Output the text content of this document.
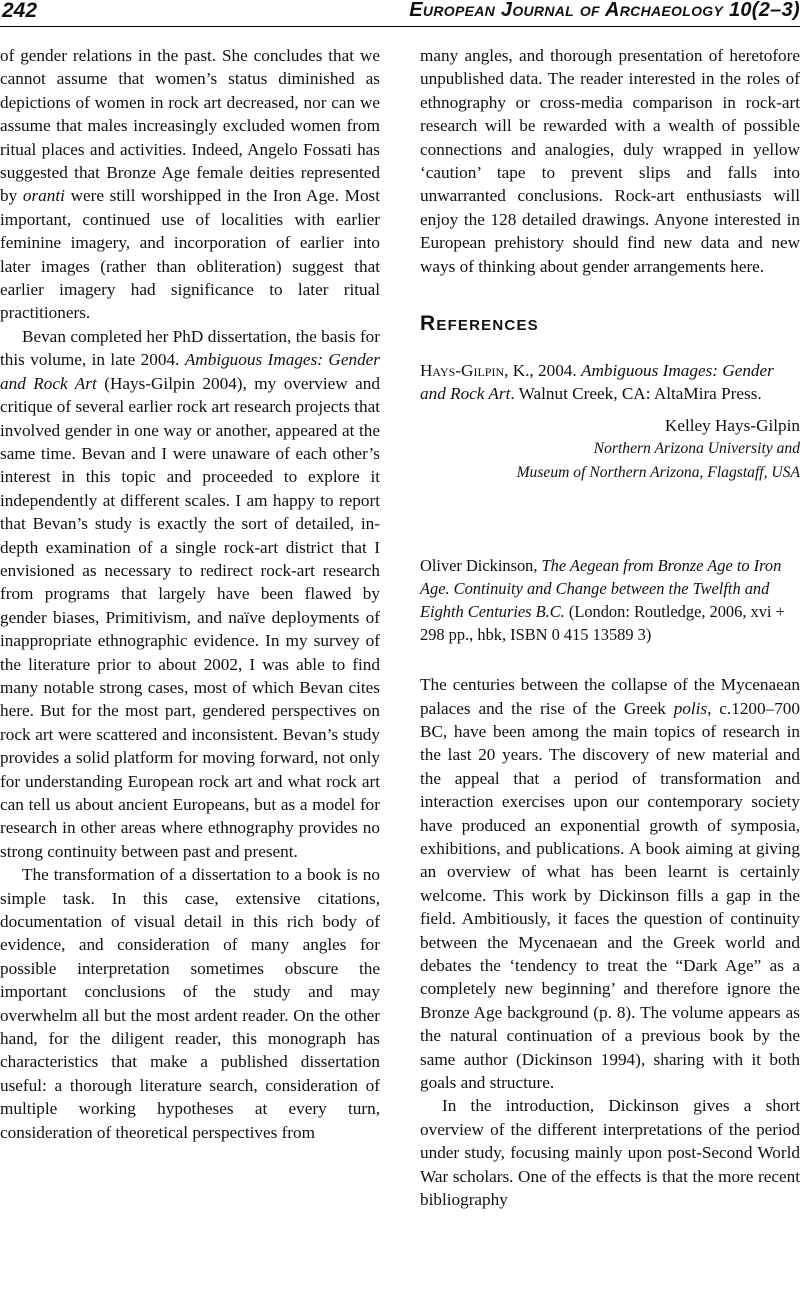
242	European Journal of Archaeology 10(2–3)

of gender relations in the past. She concludes that we cannot assume that women’s status diminished as depictions of women in rock art decreased, nor can we assume that males increasingly excluded women from ritual places and activities. Indeed, Angelo Fossati has suggested that Bronze Age female deities represented by oranti were still worshipped in the Iron Age. Most important, continued use of localities with earlier feminine imagery, and incorporation of earlier into later images (rather than obliteration) suggest that earlier imagery had significance to later ritual practitioners.

Bevan completed her PhD dissertation, the basis for this volume, in late 2004. Ambiguous Images: Gender and Rock Art (Hays-Gilpin 2004), my overview and critique of several earlier rock art research projects that involved gender in one way or another, appeared at the same time. Bevan and I were unaware of each other’s interest in this topic and proceeded to explore it independently at different scales. I am happy to report that Bevan’s study is exactly the sort of detailed, in-depth examination of a single rock-art district that I envisioned as necessary to redirect rock-art research from programs that largely have been flawed by gender biases, Primitivism, and naïve deployments of inappropriate ethnographic evidence. In my survey of the literature prior to about 2002, I was able to find many notable strong cases, most of which Bevan cites here. But for the most part, gendered perspectives on rock art were scattered and inconsistent. Bevan’s study provides a solid platform for moving forward, not only for understanding European rock art and what rock art can tell us about ancient Europeans, but as a model for research in other areas where ethnography provides no strong continuity between past and present.

The transformation of a dissertation to a book is no simple task. In this case, extensive citations, documentation of visual detail in this rich body of evidence, and consideration of many angles for possible interpretation sometimes obscure the important conclusions of the study and may overwhelm all but the most ardent reader. On the other hand, for the diligent reader, this monograph has characteristics that make a published dissertation useful: a thorough literature search, consideration of multiple working hypotheses at every turn, consideration of theoretical perspectives from

many angles, and thorough presentation of heretofore unpublished data. The reader interested in the roles of ethnography or cross-media comparison in rock-art research will be rewarded with a wealth of possible connections and analogies, duly wrapped in yellow ‘caution’ tape to prevent slips and falls into unwarranted conclusions. Rock-art enthusiasts will enjoy the 128 detailed drawings. Anyone interested in European prehistory should find new data and new ways of thinking about gender arrangements here.

References

Hays-Gilpin, K., 2004. Ambiguous Images: Gender and Rock Art. Walnut Creek, CA: AltaMira Press.

Kelley Hays-Gilpin
Northern Arizona University and
Museum of Northern Arizona, Flagstaff, USA

Oliver Dickinson, The Aegean from Bronze Age to Iron Age. Continuity and Change between the Twelfth and Eighth Centuries B.C. (London: Routledge, 2006, xvi + 298 pp., hbk, ISBN 0 415 13589 3)

The centuries between the collapse of the Mycenaean palaces and the rise of the Greek polis, c.1200–700 BC, have been among the main topics of research in the last 20 years. The discovery of new material and the appeal that a period of transformation and interaction exercises upon our contemporary society have produced an exponential growth of symposia, exhibitions, and publications. A book aiming at giving an overview of what has been learnt is certainly welcome. This work by Dickinson fills a gap in the field. Ambitiously, it faces the question of continuity between the Mycenaean and the Greek world and debates the ‘tendency to treat the “Dark Age” as a completely new beginning’ and therefore ignore the Bronze Age background (p. 8). The volume appears as the natural continuation of a previous book by the same author (Dickinson 1994), sharing with it both goals and structure.

In the introduction, Dickinson gives a short overview of the different interpretations of the period under study, focusing mainly upon post-Second World War scholars. One of the effects is that the more recent bibliography
